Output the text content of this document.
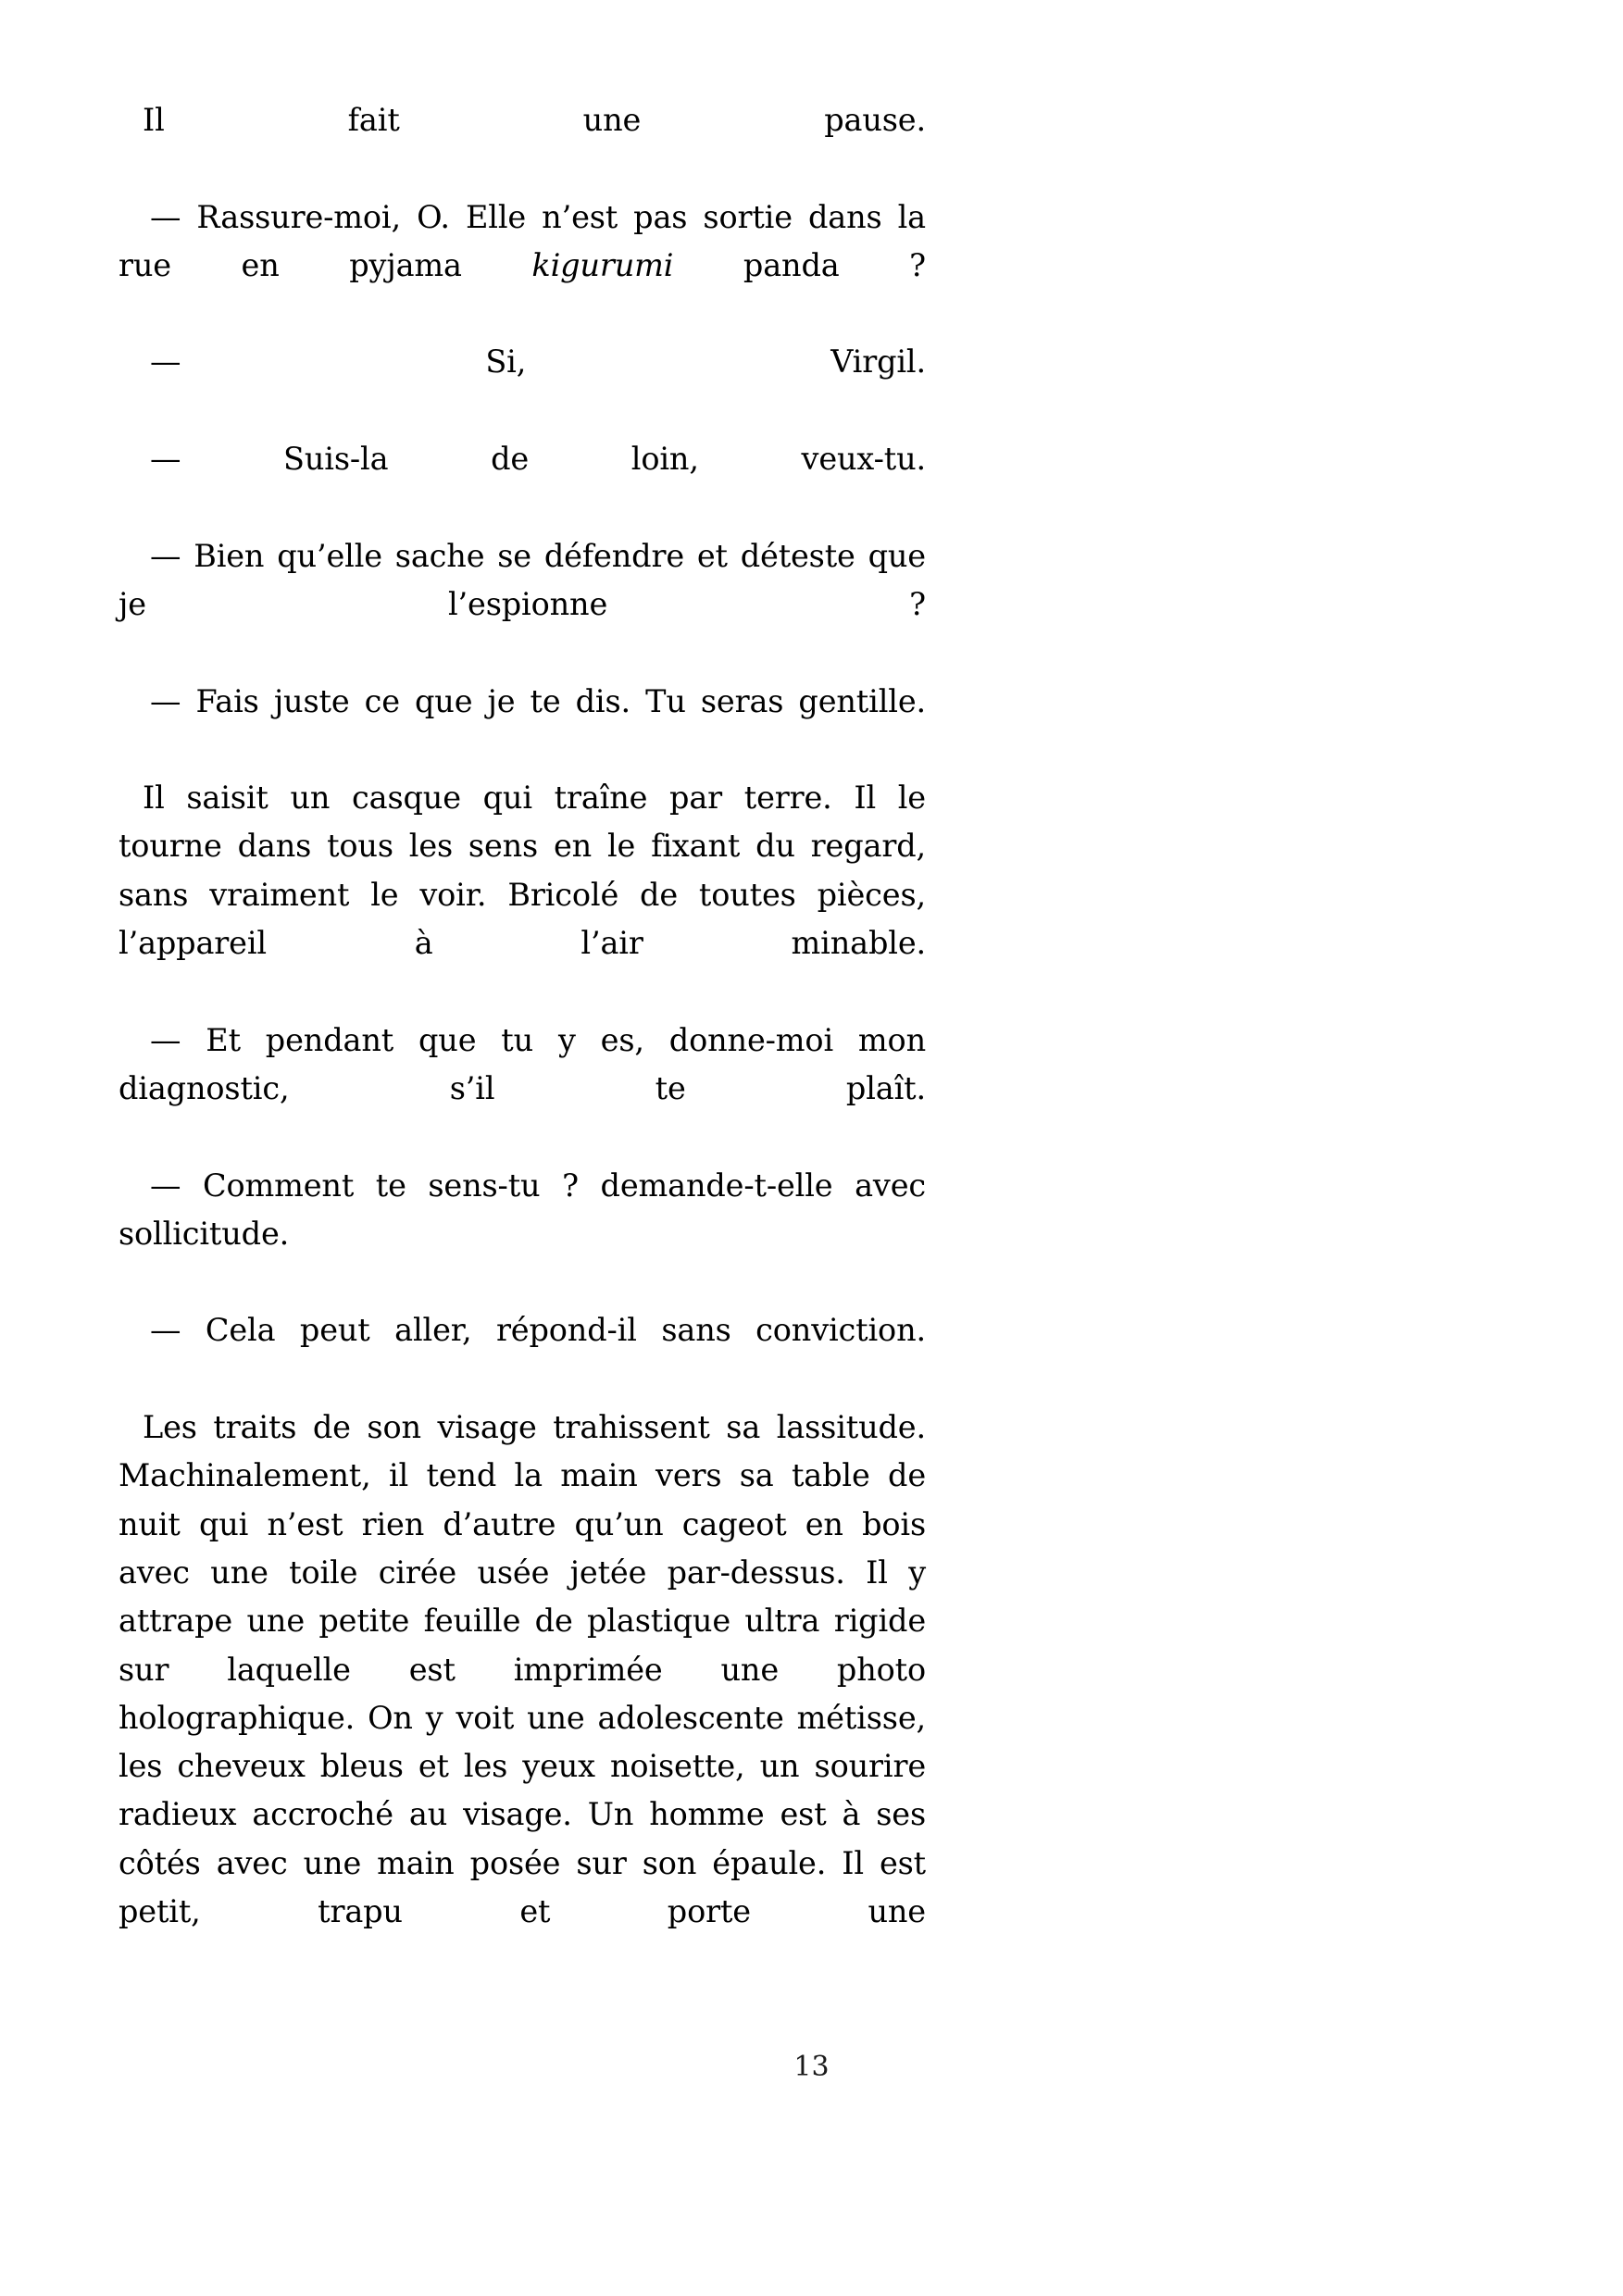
Il fait une pause.

— Rassure-moi, O. Elle n’est pas sortie dans la rue en pyjama kigurumi panda ?

— Si, Virgil.

— Suis-la de loin, veux-tu.

— Bien qu’elle sache se défendre et déteste que je l’espionne ?

— Fais juste ce que je te dis. Tu seras gentille.

Il saisit un casque qui traîne par terre. Il le tourne dans tous les sens en le fixant du regard, sans vraiment le voir. Bricolé de toutes pièces, l’appareil à l’air minable.

— Et pendant que tu y es, donne-moi mon diagnostic, s’il te plaît.

— Comment te sens-tu ? demande-t-elle avec sollicitude.

— Cela peut aller, répond-il sans conviction.

Les traits de son visage trahissent sa lassitude. Machinalement, il tend la main vers sa table de nuit qui n’est rien d’autre qu’un cageot en bois avec une toile cirée usée jetée par-dessus. Il y attrape une petite feuille de plastique ultra rigide sur laquelle est imprimée une photo holographique. On y voit une adolescente métisse, les cheveux bleus et les yeux noisette, un sourire radieux accroché au visage. Un homme est à ses côtés avec une main posée sur son épaule. Il est petit, trapu et porte une

13
